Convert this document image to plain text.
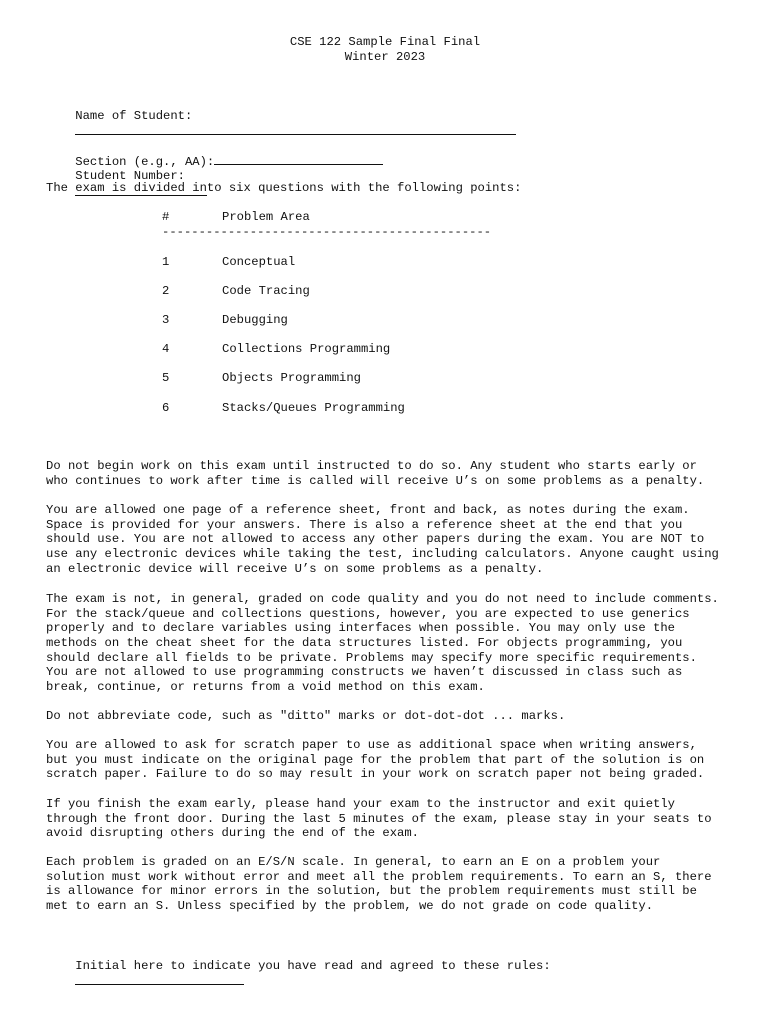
CSE 122 Sample Final Final
Winter 2023

Name of Student:

Section (e.g., AA):
Student Number:

The exam is divided into six questions with the following points:
#	Problem Area
---------------------------------------------
1	Conceptual
2	Code Tracing
3	Debugging
4	Collections Programming
5	Objects Programming
6	Stacks/Queues Programming
Do not begin work on this exam until instructed to do so. Any student who starts early or
who continues to work after time is called will receive U’s on some problems as a penalty.
You are allowed one page of a reference sheet, front and back, as notes during the exam.
Space is provided for your answers. There is also a reference sheet at the end that you
should use. You are not allowed to access any other papers during the exam. You are NOT to
use any electronic devices while taking the test, including calculators. Anyone caught using
an electronic device will receive U’s on some problems as a penalty.
The exam is not, in general, graded on code quality and you do not need to include comments.
For the stack/queue and collections questions, however, you are expected to use generics
properly and to declare variables using interfaces when possible. You may only use the
methods on the cheat sheet for the data structures listed. For objects programming, you
should declare all fields to be private. Problems may specify more specific requirements.
You are not allowed to use programming constructs we haven’t discussed in class such as
break, continue, or returns from a void method on this exam.
Do not abbreviate code, such as "ditto" marks or dot-dot-dot ... marks.
You are allowed to ask for scratch paper to use as additional space when writing answers,
but you must indicate on the original page for the problem that part of the solution is on
scratch paper. Failure to do so may result in your work on scratch paper not being graded.
If you finish the exam early, please hand your exam to the instructor and exit quietly
through the front door. During the last 5 minutes of the exam, please stay in your seats to
avoid disrupting others during the end of the exam.
Each problem is graded on an E/S/N scale. In general, to earn an E on a problem your
solution must work without error and meet all the problem requirements. To earn an S, there
is allowance for minor errors in the solution, but the problem requirements must still be
met to earn an S. Unless specified by the problem, we do not grade on code quality.

Initial here to indicate you have read and agreed to these rules:
